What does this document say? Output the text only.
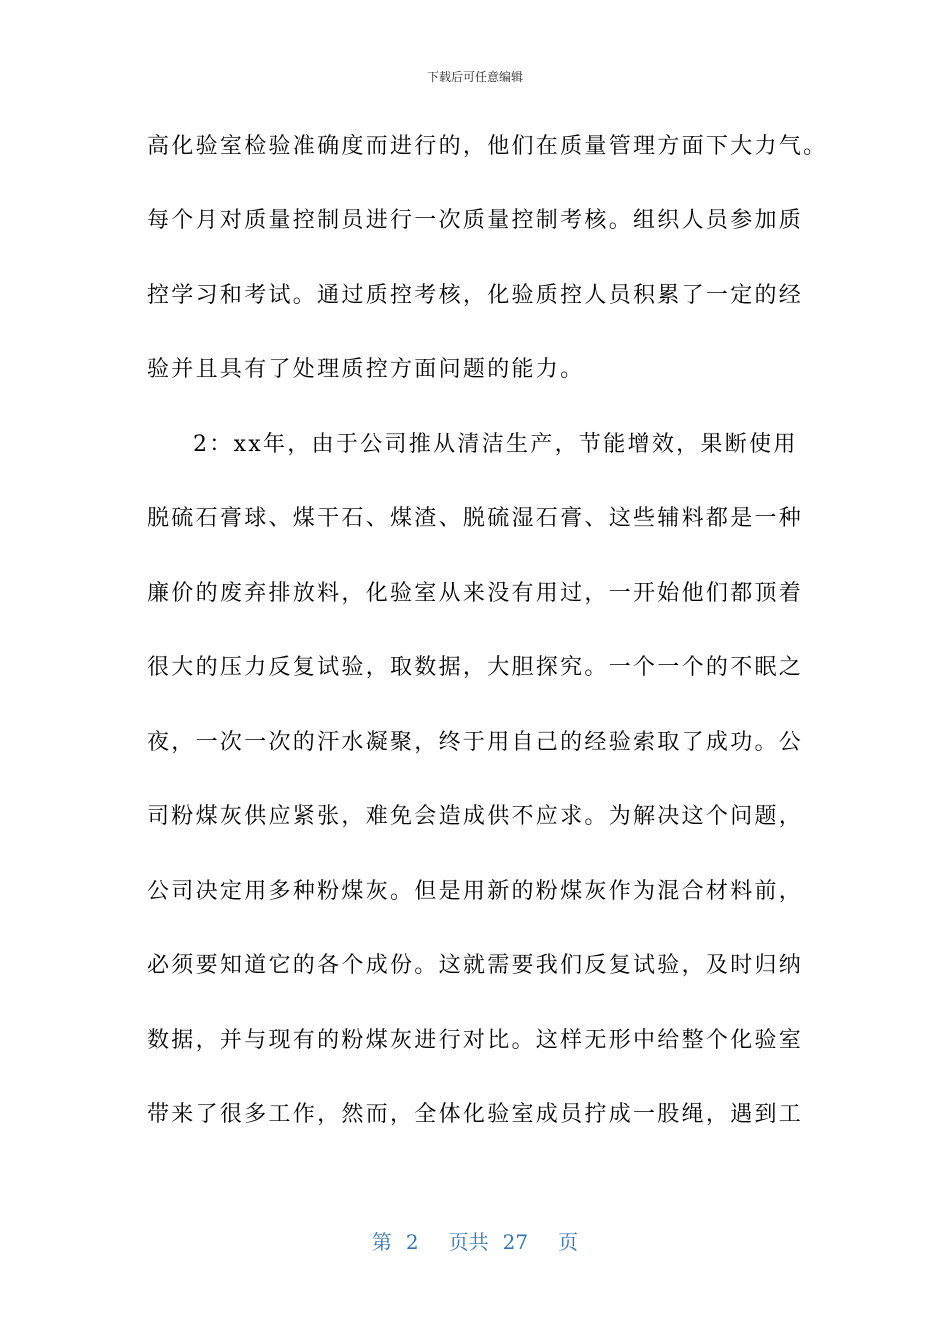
下载后可任意编辑
高化验室检验准确度而进行的，他们在质量管理方面下大力气。
每个月对质量控制员进行一次质量控制考核。组织人员参加质
控学习和考试。通过质控考核，化验质控人员积累了一定的经
验并且具有了处理质控方面问题的能力。
2：xx年，由于公司推从清洁生产，节能增效，果断使用
脱硫石膏球、煤干石、煤渣、脱硫湿石膏、这些辅料都是一种
廉价的废弃排放料，化验室从来没有用过，一开始他们都顶着
很大的压力反复试验，取数据，大胆探究。一个一个的不眠之
夜，一次一次的汗水凝聚，终于用自己的经验索取了成功。公
司粉煤灰供应紧张，难免会造成供不应求。为解决这个问题，
公司决定用多种粉煤灰。但是用新的粉煤灰作为混合材料前，
必须要知道它的各个成份。这就需要我们反复试验，及时归纳
数据，并与现有的粉煤灰进行对比。这样无形中给整个化验室
带来了很多工作，然而，全体化验室成员拧成一股绳，遇到工
第 2 页共 27 页
